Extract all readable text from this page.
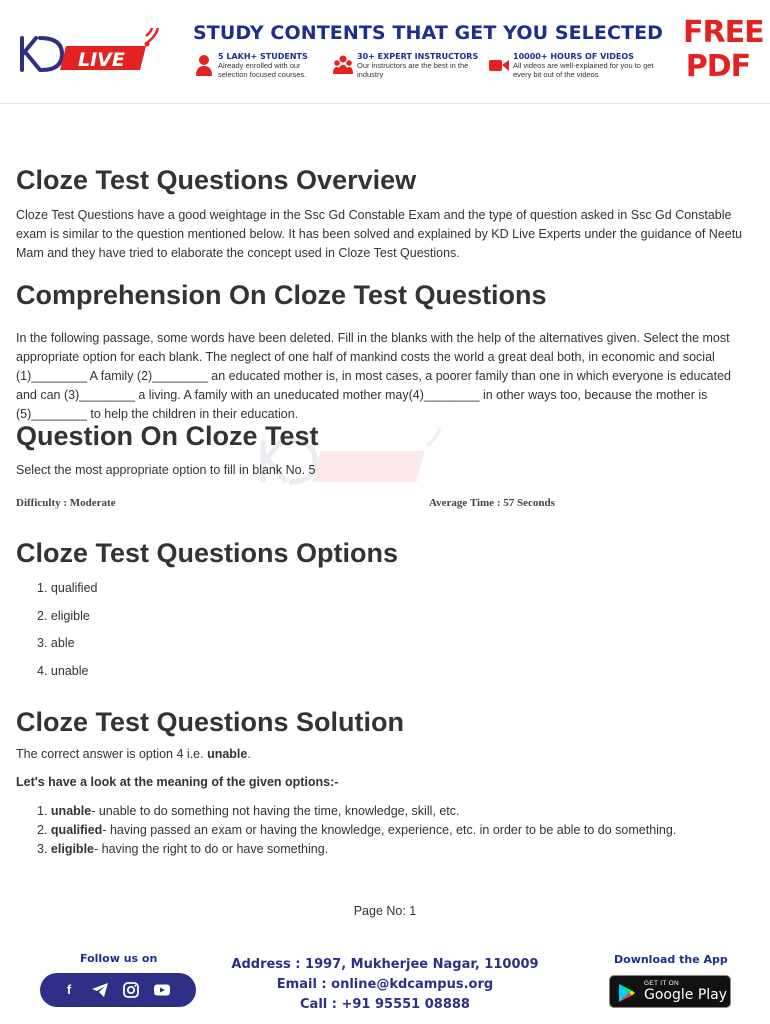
LIVE
STUDY CONTENTS THAT GET YOU SELECTED
5 LAKH+ STUDENTS
Already enrolled with our selection focused courses.
30+ EXPERT INSTRUCTORS
Our instructors are the best in the industry
10000+ HOURS OF VIDEOS
All videos are well-explained for you to get every bit out of the videos
FREE
PDF
Cloze Test Questions Overview

Cloze Test Questions have a good weightage in the Ssc Gd Constable Exam and the type of question asked in Ssc Gd Constable exam is similar to the question mentioned below. It has been solved and explained by KD Live Experts under the guidance of Neetu Mam and they have tried to elaborate the concept used in Cloze Test Questions.

Comprehension On Cloze Test Questions

In the following passage, some words have been deleted. Fill in the blanks with the help of the alternatives given. Select the most appropriate option for each blank. The neglect of one half of mankind costs the world a great deal both, in economic and social (1)________ A family (2)________ an educated mother is, in most cases, a poorer family than one in which everyone is educated and can (3)________ a living. A family with an uneducated mother may(4)________ in other ways too, because the mother is (5)________ to help the children in their education.

Question On Cloze Test

Select the most appropriate option to fill in blank No. 5

Difficulty : Moderate	Average Time : 57 Seconds
Cloze Test Questions Options
1. qualified
2. eligible
3. able
4. unable
Cloze Test Questions Solution

The correct answer is option 4 i.e. unable.

Let's have a look at the meaning of the given options:-

1. unable- unable to do something not having the time, knowledge, skill, etc.
2. qualified- having passed an exam or having the knowledge, experience, etc. in order to be able to do something.
3. eligible- having the right to do or have something.
Page No: 1
Follow us on
f
Address : 1997, Mukherjee Nagar, 110009
Email : online@kdcampus.org
Call : +91 95551 08888
Download the App
GET IT ON
Google Play
